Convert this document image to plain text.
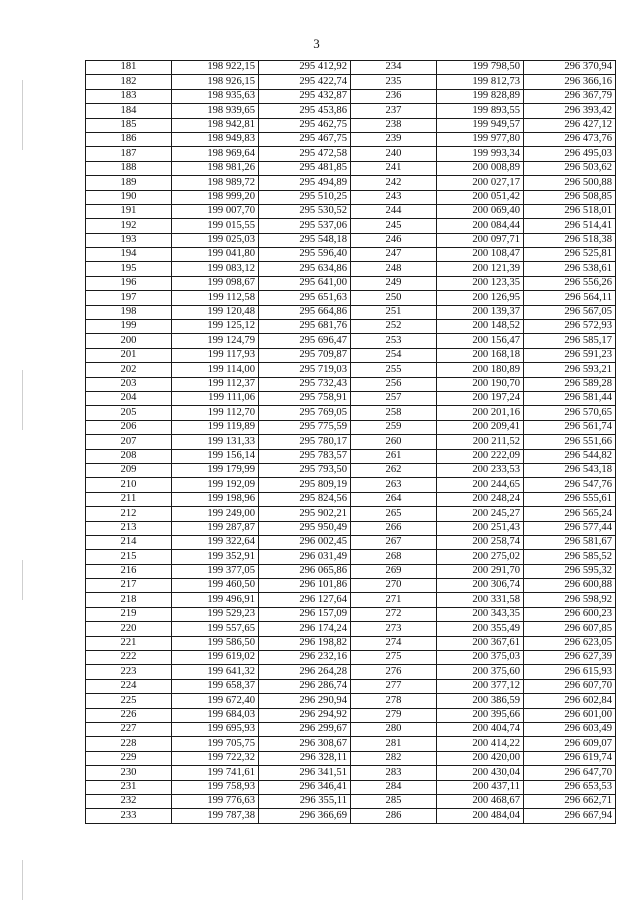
3
181	198 922,15	295 412,92	234	199 798,50	296 370,94
182	198 926,15	295 422,74	235	199 812,73	296 366,16
183	198 935,63	295 432,87	236	199 828,89	296 367,79
184	198 939,65	295 453,86	237	199 893,55	296 393,42
185	198 942,81	295 462,75	238	199 949,57	296 427,12
186	198 949,83	295 467,75	239	199 977,80	296 473,76
187	198 969,64	295 472,58	240	199 993,34	296 495,03
188	198 981,26	295 481,85	241	200 008,89	296 503,62
189	198 989,72	295 494,89	242	200 027,17	296 500,88
190	198 999,20	295 510,25	243	200 051,42	296 508,85
191	199 007,70	295 530,52	244	200 069,40	296 518,01
192	199 015,55	295 537,06	245	200 084,44	296 514,41
193	199 025,03	295 548,18	246	200 097,71	296 518,38
194	199 041,80	295 596,40	247	200 108,47	296 525,81
195	199 083,12	295 634,86	248	200 121,39	296 538,61
196	199 098,67	295 641,00	249	200 123,35	296 556,26
197	199 112,58	295 651,63	250	200 126,95	296 564,11
198	199 120,48	295 664,86	251	200 139,37	296 567,05
199	199 125,12	295 681,76	252	200 148,52	296 572,93
200	199 124,79	295 696,47	253	200 156,47	296 585,17
201	199 117,93	295 709,87	254	200 168,18	296 591,23
202	199 114,00	295 719,03	255	200 180,89	296 593,21
203	199 112,37	295 732,43	256	200 190,70	296 589,28
204	199 111,06	295 758,91	257	200 197,24	296 581,44
205	199 112,70	295 769,05	258	200 201,16	296 570,65
206	199 119,89	295 775,59	259	200 209,41	296 561,74
207	199 131,33	295 780,17	260	200 211,52	296 551,66
208	199 156,14	295 783,57	261	200 222,09	296 544,82
209	199 179,99	295 793,50	262	200 233,53	296 543,18
210	199 192,09	295 809,19	263	200 244,65	296 547,76
211	199 198,96	295 824,56	264	200 248,24	296 555,61
212	199 249,00	295 902,21	265	200 245,27	296 565,24
213	199 287,87	295 950,49	266	200 251,43	296 577,44
214	199 322,64	296 002,45	267	200 258,74	296 581,67
215	199 352,91	296 031,49	268	200 275,02	296 585,52
216	199 377,05	296 065,86	269	200 291,70	296 595,32
217	199 460,50	296 101,86	270	200 306,74	296 600,88
218	199 496,91	296 127,64	271	200 331,58	296 598,92
219	199 529,23	296 157,09	272	200 343,35	296 600,23
220	199 557,65	296 174,24	273	200 355,49	296 607,85
221	199 586,50	296 198,82	274	200 367,61	296 623,05
222	199 619,02	296 232,16	275	200 375,03	296 627,39
223	199 641,32	296 264,28	276	200 375,60	296 615,93
224	199 658,37	296 286,74	277	200 377,12	296 607,70
225	199 672,40	296 290,94	278	200 386,59	296 602,84
226	199 684,03	296 294,92	279	200 395,66	296 601,00
227	199 695,93	296 299,67	280	200 404,74	296 603,49
228	199 705,75	296 308,67	281	200 414,22	296 609,07
229	199 722,32	296 328,11	282	200 420,00	296 619,74
230	199 741,61	296 341,51	283	200 430,04	296 647,70
231	199 758,93	296 346,41	284	200 437,11	296 653,53
232	199 776,63	296 355,11	285	200 468,67	296 662,71
233	199 787,38	296 366,69	286	200 484,04	296 667,94
